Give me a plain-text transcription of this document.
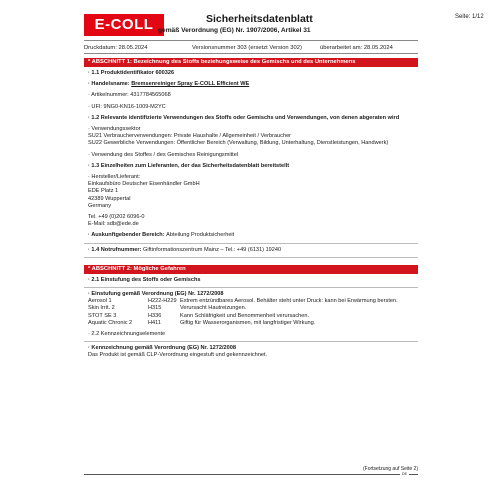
E-COLL	Sicherheitsdatenblatt
gemäß Verordnung (EG) Nr. 1907/2006, Artikel 31
Seite: 1/12
Druckdatum: 28.05.2024	Versionsnummer 303 (ersetzt Version 302)	überarbeitet am: 28.05.2024
* ABSCHNITT 1: Bezeichnung des Stoffs beziehungsweise des Gemischs und des Unternehmens
· 1.1 Produktidentifikator 600326
· Handelsname: Bremsenreiniger Spray E-COLL Efficient WE
· Artikelnummer: 4317784565068
· UFI: 9NG0-KN16-1009-M2YC
· 1.2 Relevante identifizierte Verwendungen des Stoffs oder Gemischs und Verwendungen, von denen abgeraten wird
· Verwendungssektor
SU21 Verbraucherverwendungen: Private Haushalte / Allgemeinheit / Verbraucher
SU22 Gewerbliche Verwendungen: Öffentlicher Bereich (Verwaltung, Bildung, Unterhaltung, Dienstleistungen, Handwerk)
· Verwendung des Stoffes / des Gemisches Reinigungsmittel
· 1.3 Einzelheiten zum Lieferanten, der das Sicherheitsdatenblatt bereitstellt
· Hersteller/Lieferant:
Einkaufsbüro Deutscher Eisenhändler GmbH
EDE Platz 1
42389 Wuppertal
Germany
Tel. +49 (0)202 6096-0
E-Mail: sdb@ede.de
· Auskunftgebender Bereich: Abteilung Produktsicherheit
· 1.4 Notrufnummer: Giftinformationszentrum Mainz – Tel.: +49 (6131) 19240
* ABSCHNITT 2: Mögliche Gefahren
· 2.1 Einstufung des Stoffs oder Gemischs
· Einstufung gemäß Verordnung (EG) Nr. 1272/2008
Aerosol 1	H222-H229	Extrem entzündbares Aerosol. Behälter steht unter Druck: kann bei Erwärmung bersten.
Skin Irrit. 2	H315	Verursacht Hautreizungen.
STOT SE 3	H336	Kann Schläfrigkeit und Benommenheit verursachen.
Aquatic Chronic 2	H411	Giftig für Wasserorganismen, mit langfristiger Wirkung.
· 2.2 Kennzeichnungselemente
· Kennzeichnung gemäß Verordnung (EG) Nr. 1272/2008
Das Produkt ist gemäß CLP-Verordnung eingestuft und gekennzeichnet.
(Fortsetzung auf Seite 2)
DE
